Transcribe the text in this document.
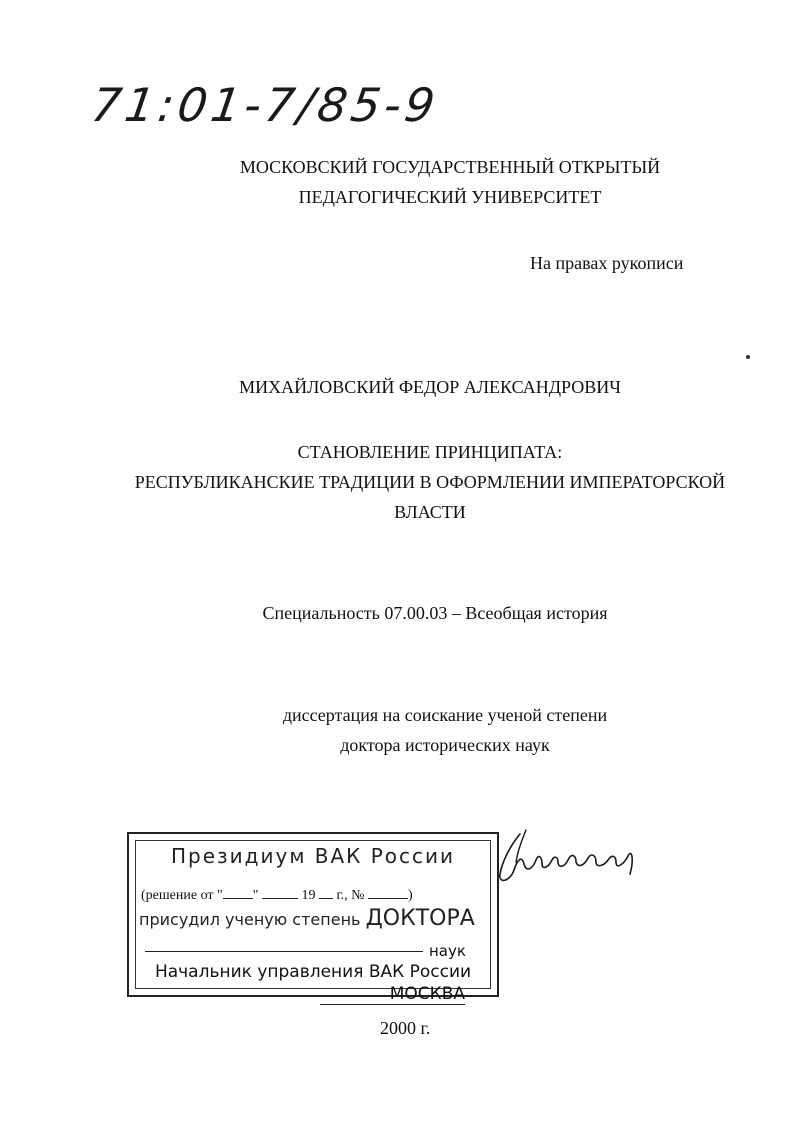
71:01-7/85-9
МОСКОВСКИЙ ГОСУДАРСТВЕННЫЙ ОТКРЫТЫЙ
ПЕДАГОГИЧЕСКИЙ УНИВЕРСИТЕТ
На правах рукописи
МИХАЙЛОВСКИЙ ФЕДОР АЛЕКСАНДРОВИЧ
СТАНОВЛЕНИЕ ПРИНЦИПАТА:
РЕСПУБЛИКАНСКИЕ ТРАДИЦИИ В ОФОРМЛЕНИИ ИМПЕРАТОРСКОЙ
ВЛАСТИ
Специальность 07.00.03 – Всеобщая история
диссертация на соискание ученой степени
доктора исторических наук
Президиум ВАК России
(решение от " "	19 г., №	)
присудил ученую степень ДОКТОРА
наук
Начальник управления ВАК России
МОСКВА
2000 г.
